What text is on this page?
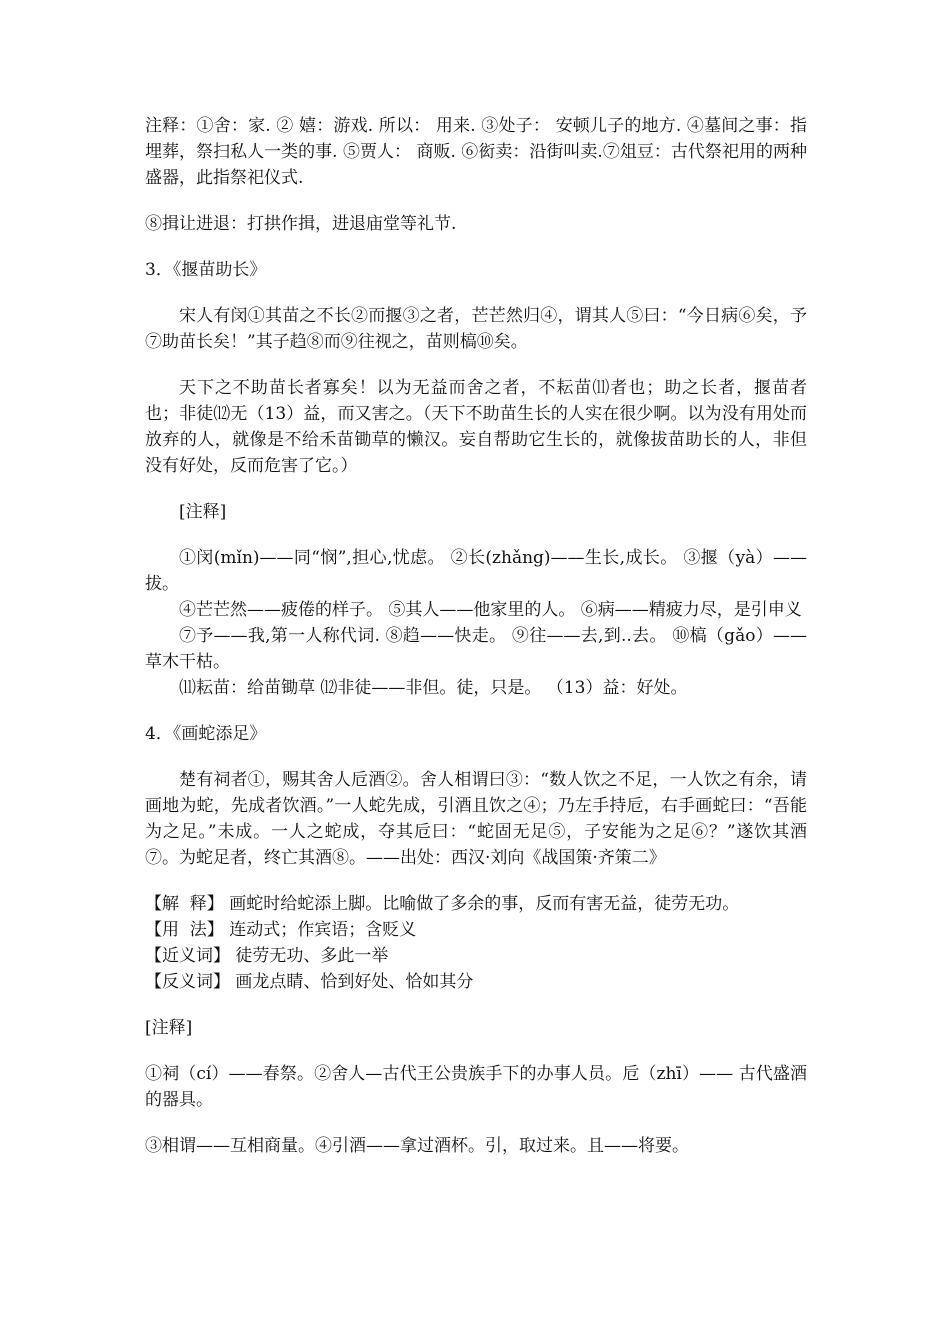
注释：①舍：家. ② 嬉：游戏. 所以： 用来. ③处子： 安顿儿子的地方. ④墓间之事：指埋葬，祭扫私人一类的事. ⑤贾人： 商贩. ⑥衒卖：沿街叫卖.⑦俎豆：古代祭祀用的两种盛器，此指祭祀仪式.

⑧揖让进退：打拱作揖，进退庙堂等礼节.

3．《揠苗助长》

宋人有闵①其苗之不长②而揠③之者，芒芒然归④，谓其人⑤曰：“今日病⑥矣，予⑦助苗长矣！”其子趋⑧而⑨往视之，苗则槁⑩矣。

天下之不助苗长者寡矣！以为无益而舍之者，不耘苗⑾者也；助之长者，揠苗者也；非徒⑿无（13）益，而又害之。（天下不助苗生长的人实在很少啊。以为没有用处而放弃的人，就像是不给禾苗锄草的懒汉。妄自帮助它生长的，就像拔苗助长的人，非但没有好处，反而危害了它。）

[注释]

①闵(mǐn)——同“悯”,担心,忧虑。 ②长(zhǎng)——生长,成长。 ③揠（yà）——拔。

④芒芒然——疲倦的样子。 ⑤其人——他家里的人。 ⑥病——精疲力尽，是引申义

⑦予——我,第一人称代词. ⑧趋——快走。 ⑨往——去,到..去。 ⑩槁（gǎo）——草木干枯。

⑾耘苗：给苗锄草 ⑿非徒——非但。徒，只是。 （13）益：好处。

4．《画蛇添足》

楚有祠者①，赐其舍人卮酒②。舍人相谓曰③：“数人饮之不足，一人饮之有余，请画地为蛇，先成者饮酒。”一人蛇先成，引酒且饮之④；乃左手持卮，右手画蛇曰：“吾能为之足。”未成。一人之蛇成，夺其卮曰：“蛇固无足⑤，子安能为之足⑥？”遂饮其酒⑦。为蛇足者，终亡其酒⑧。——出处：西汉·刘向《战国策·齐策二》

【解  释】 画蛇时给蛇添上脚。比喻做了多余的事，反而有害无益，徒劳无功。
【用  法】 连动式；作宾语；含贬义
【近义词】 徒劳无功、多此一举
【反义词】 画龙点睛、恰到好处、恰如其分

[注释]

①祠（cí）——春祭。②舍人—古代王公贵族手下的办事人员。卮（zhī）—— 古代盛酒的器具。

③相谓——互相商量。④引酒——拿过酒杯。引，取过来。且——将要。
